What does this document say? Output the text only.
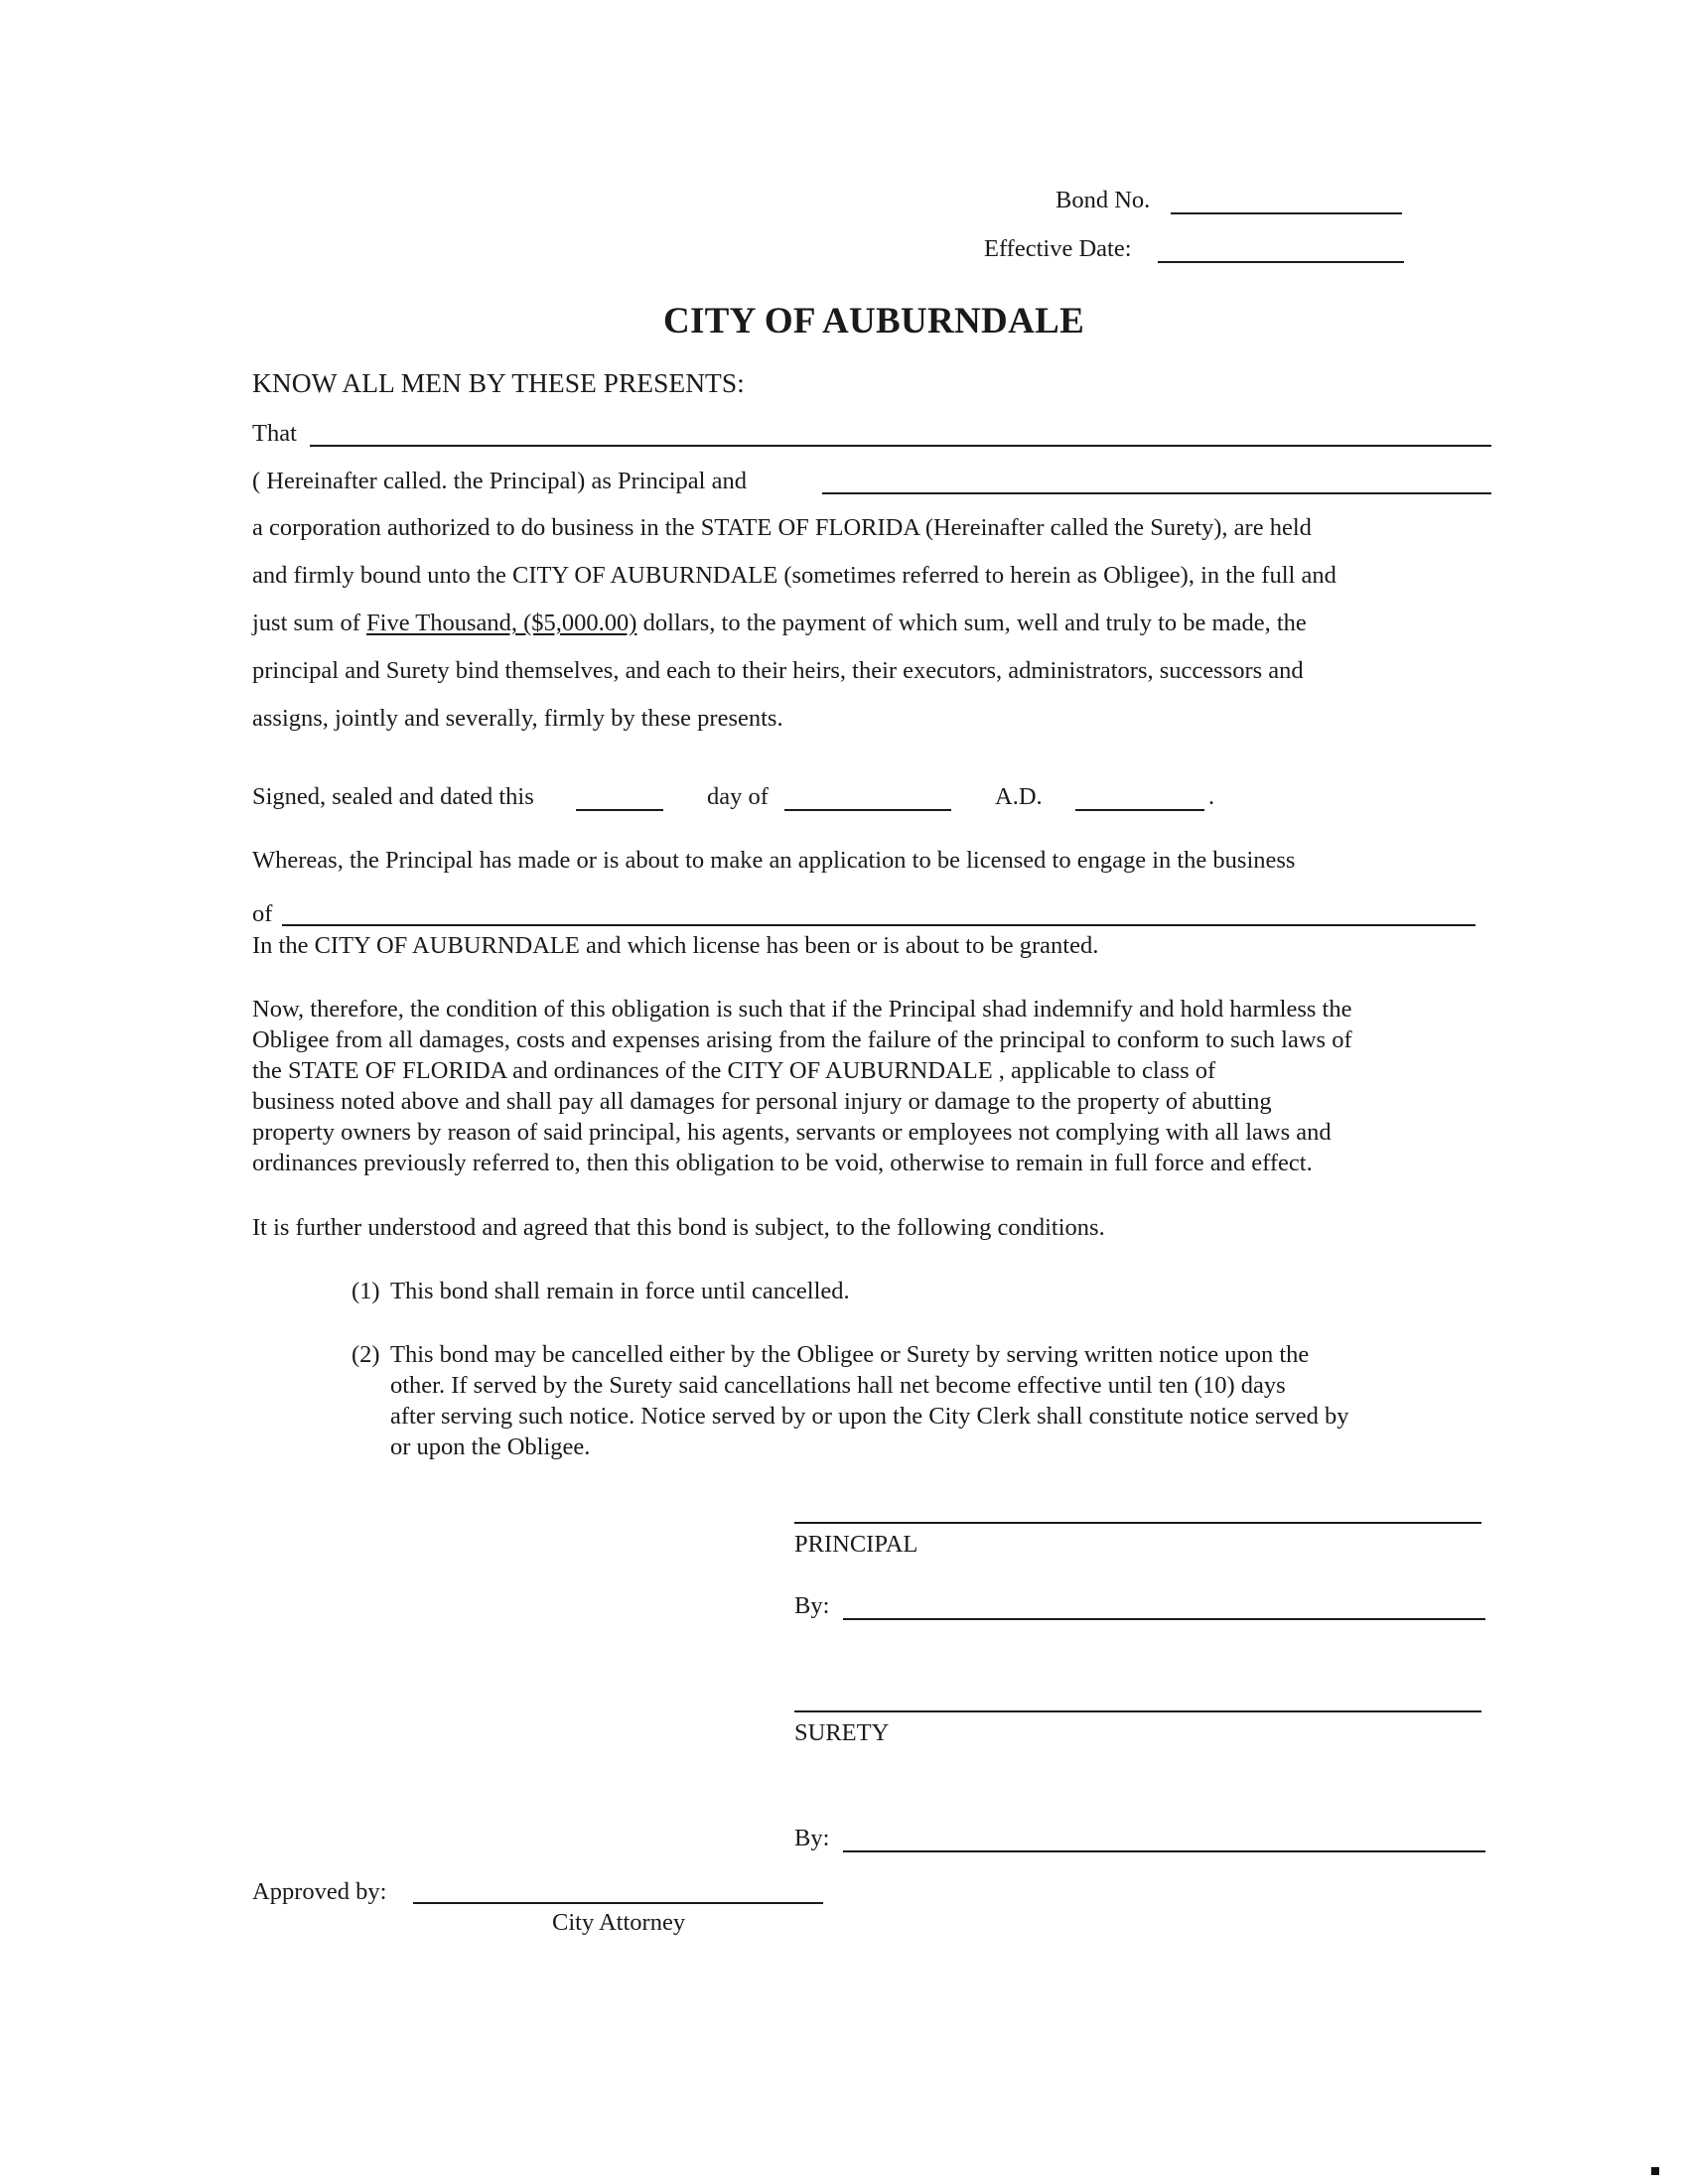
Bond No.
Effective Date:
CITY OF AUBURNDALE
KNOW ALL MEN BY THESE PRESENTS:
That
( Hereinafter called. the Principal) as Principal and
a corporation authorized to do business in the STATE OF FLORIDA (Hereinafter called the Surety), are held
and firmly bound unto the CITY OF AUBURNDALE (sometimes referred to herein as Obligee), in the full and
just sum of Five Thousand, ($5,000.00) dollars, to the payment of which sum, well and truly to be made, the
principal and Surety bind themselves, and each to their heirs, their executors, administrators, successors and
assigns, jointly and severally, firmly by these presents.
Signed, sealed and dated this	day of	A.D.	.
Whereas, the Principal has made or is about to make an application to be licensed to engage in the business
of
In the CITY OF AUBURNDALE and which license has been or is about to be granted.
Now, therefore, the condition of this obligation is such that if the Principal shad indemnify and hold harmless the
Obligee from all damages, costs and expenses arising from the failure of the principal to conform to such laws of
the STATE OF FLORIDA and ordinances of the CITY OF AUBURNDALE , applicable to class of
business noted above and shall pay all damages for personal injury or damage to the property of abutting
property owners by reason of said principal, his agents, servants or employees not complying with all laws and
ordinances previously referred to, then this obligation to be void, otherwise to remain in full force and effect.
It is further understood and agreed that this bond is subject, to the following conditions.
(1) This bond shall remain in force until cancelled.
(2) This bond may be cancelled either by the Obligee or Surety by serving written notice upon the
other. If served by the Surety said cancellations hall net become effective until ten (10) days
after serving such notice. Notice served by or upon the City Clerk shall constitute notice served by
or upon the Obligee.
PRINCIPAL
By:
SURETY
By:
Approved by:
City Attorney
